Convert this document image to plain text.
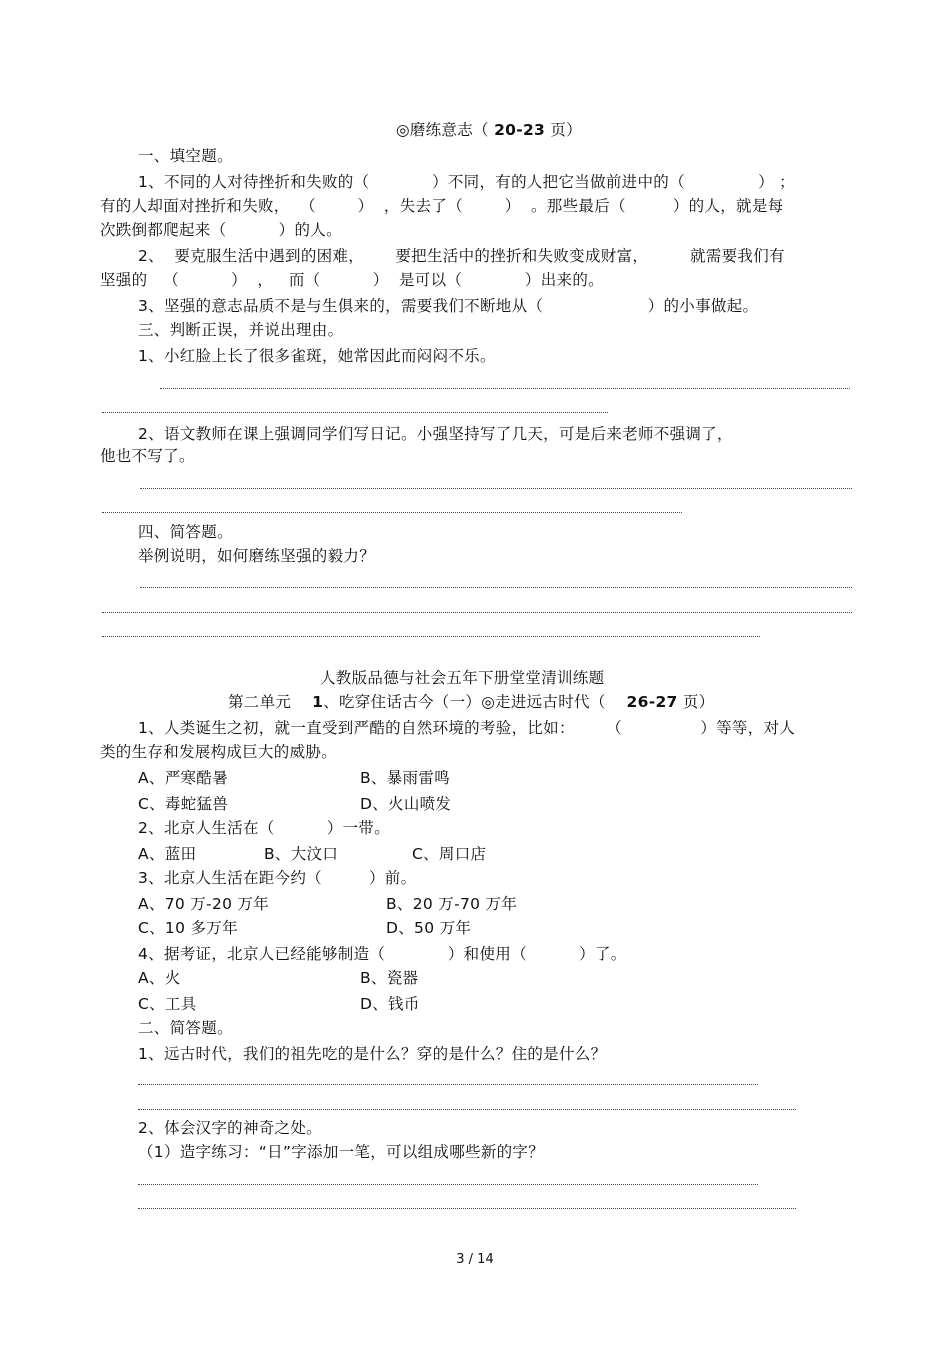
◎磨练意志（ 20-23 页）
一、填空题。
1、不同的人对待挫折和失败的（            ）不同，有的人把它当做前进中的（              ） ；
有的人却面对挫折和失败，  （        ）  ，失去了（        ）  。那些最后（         ）的人，就是每
次跌倒都爬起来（          ）的人。
2、  要克服生活中遇到的困难，      要把生活中的挫折和失败变成财富，        就需要我们有
坚强的   （          ）  ，   而（          ）  是可以（            ）出来的。
3、坚强的意志品质不是与生俱来的，需要我们不断地从（                    ）的小事做起。
三、判断正误，并说出理由。
1、小红脸上长了很多雀斑，她常因此而闷闷不乐。
2、语文教师在课上强调同学们写日记。小强坚持写了几天，可是后来老师不强调了，
他也不写了。
四、简答题。
举例说明，如何磨练坚强的毅力？
人教版品德与社会五年下册堂堂清训练题
第二单元    1、吃穿住话古今（一）◎走进远古时代（    26-27 页）
1、人类诞生之初，就一直受到严酷的自然环境的考验，比如：      （               ）等等，对人
类的生存和发展构成巨大的威胁。
A、严寒酷暑	B、暴雨雷鸣
C、毒蛇猛兽	D、火山喷发
2、北京人生活在（          ）一带。
A、蓝田	B、大汶口	C、周口店
3、北京人生活在距今约（         ）前。
A、70 万-20 万年	B、20 万-70 万年
C、10 多万年	D、50 万年
4、据考证，北京人已经能够制造（            ）和使用（          ）了。
A、火	B、瓷器
C、工具	D、钱币
二、简答题。
1、远古时代，我们的祖先吃的是什么？穿的是什么？住的是什么？
2、体会汉字的神奇之处。
（1）造字练习：“日”字添加一笔，可以组成哪些新的字？
3 / 14
